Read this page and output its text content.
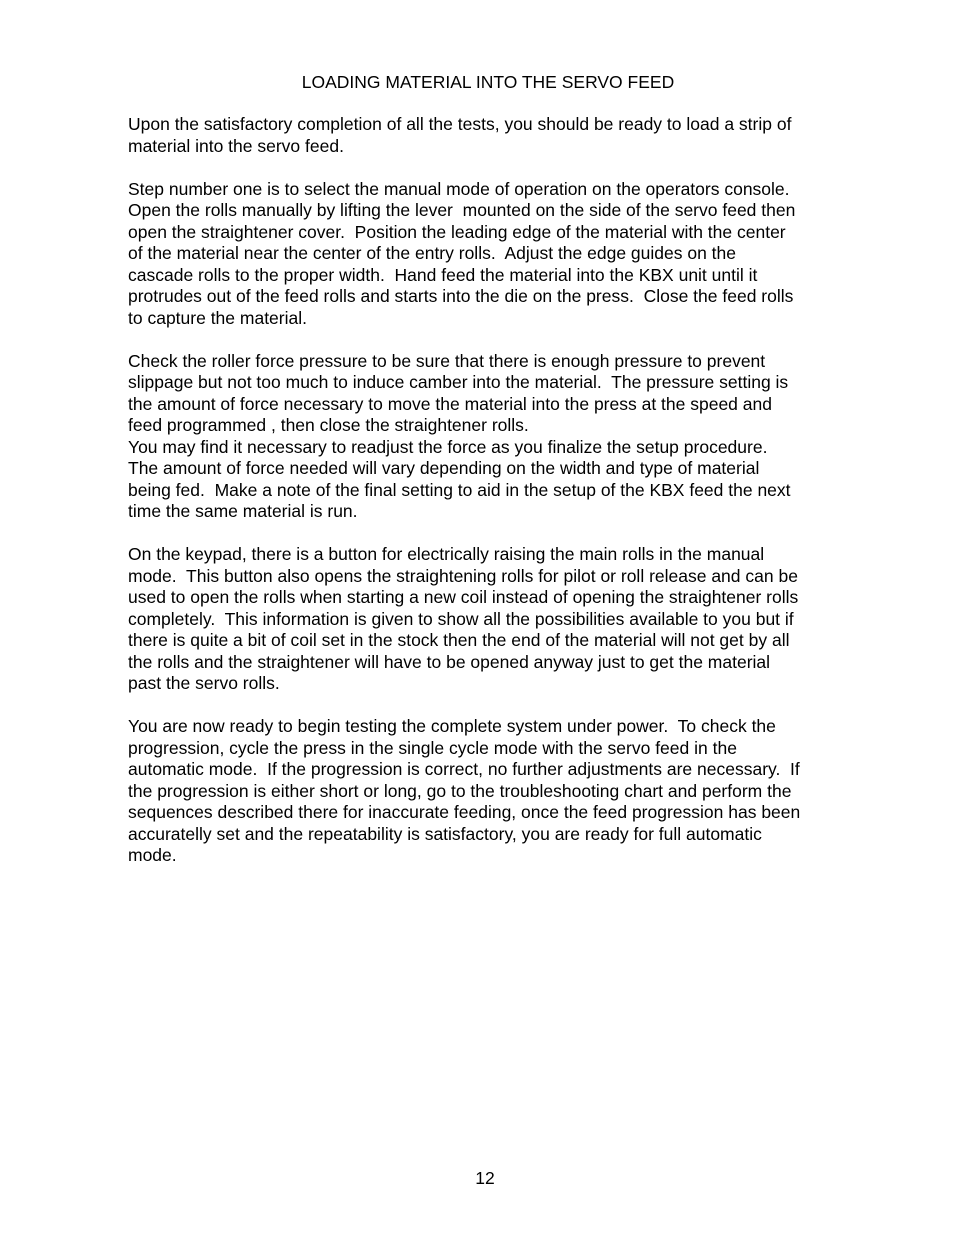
LOADING MATERIAL INTO THE SERVO FEED
Upon the satisfactory completion of all the tests, you should be ready to load a strip of
material into the servo feed.
Step number one is to select the manual mode of operation on the operators console.
Open the rolls manually by lifting the lever  mounted on the side of the servo feed then
open the straightener cover.  Position the leading edge of the material with the center
of the material near the center of the entry rolls.  Adjust the edge guides on the
cascade rolls to the proper width.  Hand feed the material into the KBX unit until it
protrudes out of the feed rolls and starts into the die on the press.  Close the feed rolls
to capture the material.
Check the roller force pressure to be sure that there is enough pressure to prevent
slippage but not too much to induce camber into the material.  The pressure setting is
the amount of force necessary to move the material into the press at the speed and
feed programmed , then close the straightener rolls.
You may find it necessary to readjust the force as you finalize the setup procedure.
The amount of force needed will vary depending on the width and type of material
being fed.  Make a note of the final setting to aid in the setup of the KBX feed the next
time the same material is run.
On the keypad, there is a button for electrically raising the main rolls in the manual
mode.  This button also opens the straightening rolls for pilot or roll release and can be
used to open the rolls when starting a new coil instead of opening the straightener rolls
completely.  This information is given to show all the possibilities available to you but if
there is quite a bit of coil set in the stock then the end of the material will not get by all
the rolls and the straightener will have to be opened anyway just to get the material
past the servo rolls.
You are now ready to begin testing the complete system under power.  To check the
progression, cycle the press in the single cycle mode with the servo feed in the
automatic mode.  If the progression is correct, no further adjustments are necessary.  If
the progression is either short or long, go to the troubleshooting chart and perform the
sequences described there for inaccurate feeding, once the feed progression has been
accuratelly set and the repeatability is satisfactory, you are ready for full automatic
mode.
12
